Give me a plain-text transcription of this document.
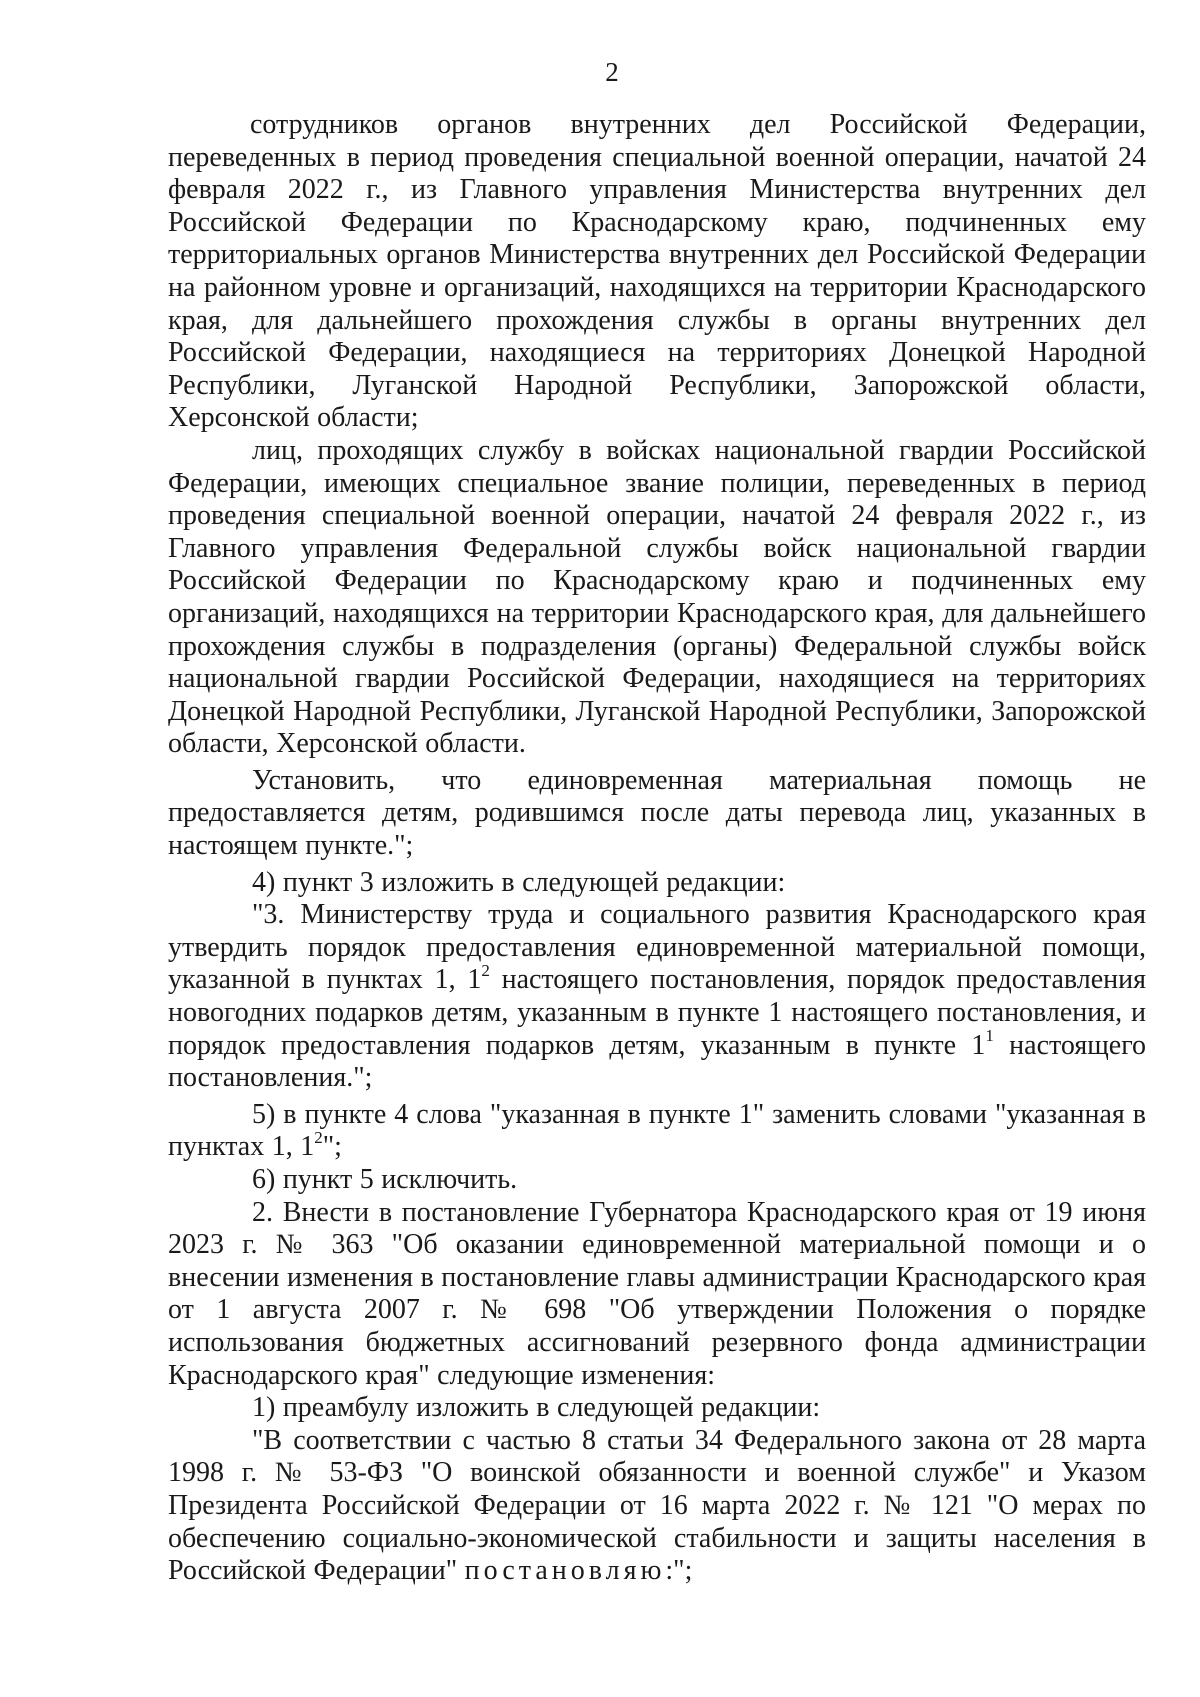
2

сотрудников органов внутренних дел Российской Федерации, переведенных в период проведения специальной военной операции, начатой 24 февраля 2022 г., из Главного управления Министерства внутренних дел Российской Федерации по Краснодарскому краю, подчиненных ему территориальных органов Министерства внутренних дел Российской Федерации на районном уровне и организаций, находящихся на территории Краснодарского края, для дальнейшего прохождения службы в органы внутренних дел Российской Федерации, находящиеся на территориях Донецкой Народной Республики, Луганской Народной Республики, Запорожской области, Херсонской области;

лиц, проходящих службу в войсках национальной гвардии Российской Федерации, имеющих специальное звание полиции, переведенных в период проведения специальной военной операции, начатой 24 февраля 2022 г., из Главного управления Федеральной службы войск национальной гвардии Российской Федерации по Краснодарскому краю и подчиненных ему организаций, находящихся на территории Краснодарского края, для дальнейшего прохождения службы в подразделения (органы) Федеральной службы войск национальной гвардии Российской Федерации, находящиеся на территориях Донецкой Народной Республики, Луганской Народной Республики, Запорожской области, Херсонской области.

Установить, что единовременная материальная помощь не предоставляется детям, родившимся после даты перевода лиц, указанных в настоящем пункте.";

4) пункт 3 изложить в следующей редакции:

"3. Министерству труда и социального развития Краснодарского края утвердить порядок предоставления единовременной материальной помощи, указанной в пунктах 1, $1^2$ настоящего постановления, порядок предоставления новогодних подарков детям, указанным в пункте 1 настоящего постановления, и порядок предоставления подарков детям, указанным в пункте $1^1$ настоящего постановления.";

5) в пункте 4 слова "указанная в пункте 1" заменить словами "указанная в пунктах 1, $1^2$";

6) пункт 5 исключить.

2. Внести в постановление Губернатора Краснодарского края от 19 июня 2023 г. № 363 "Об оказании единовременной материальной помощи и о внесении изменения в постановление главы администрации Краснодарского края от 1 августа 2007 г. № 698 "Об утверждении Положения о порядке использования бюджетных ассигнований резервного фонда администрации Краснодарского края" следующие изменения:

1) преамбулу изложить в следующей редакции:

"В соответствии с частью 8 статьи 34 Федерального закона от 28 марта 1998 г. № 53-ФЗ "О воинской обязанности и военной службе" и Указом Президента Российской Федерации от 16 марта 2022 г. № 121 "О мерах по обеспечению социально-экономической стабильности и защиты населения в Российской Федерации" постановляю:";
